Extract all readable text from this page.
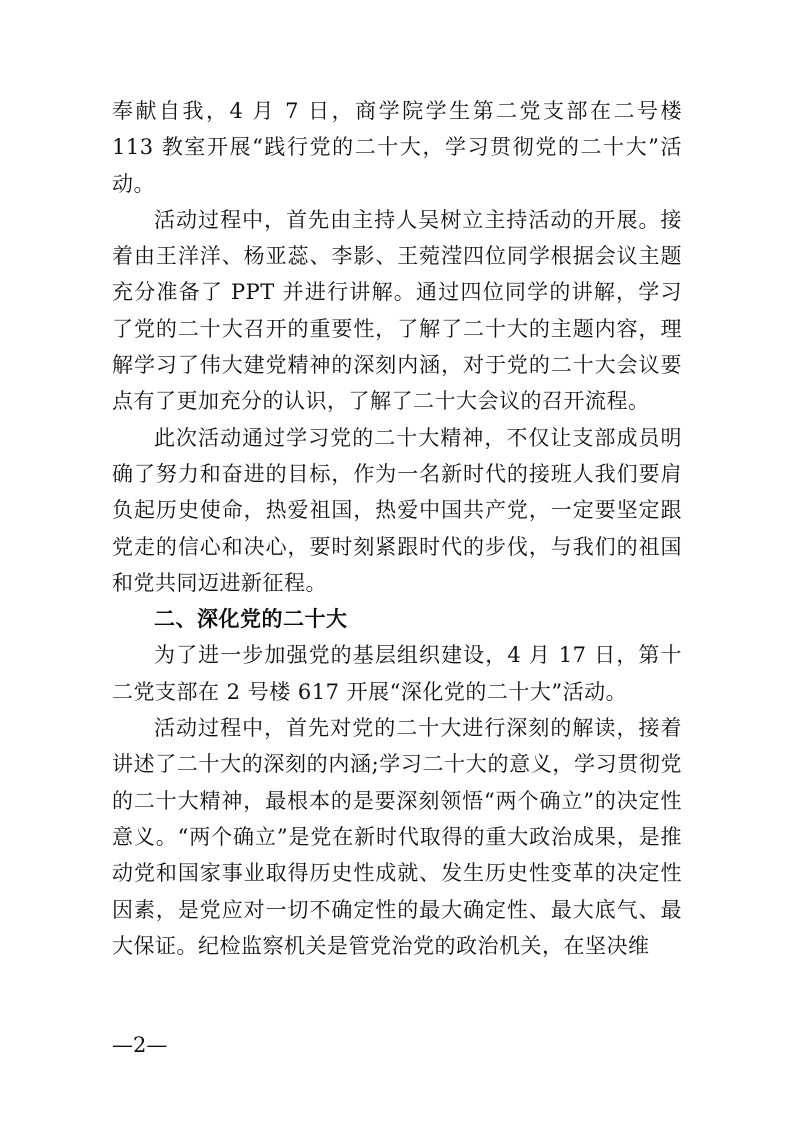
奉献自我，4 月 7 日，商学院学生第二党支部在二号楼 113 教室开展“践行党的二十大，学习贯彻党的二十大”活动。

活动过程中，首先由主持人吴树立主持活动的开展。接着由王洋洋、杨亚蕊、李影、王菀滢四位同学根据会议主题充分准备了 PPT 并进行讲解。通过四位同学的讲解，学习了党的二十大召开的重要性，了解了二十大的主题内容，理解学习了伟大建党精神的深刻内涵，对于党的二十大会议要点有了更加充分的认识，了解了二十大会议的召开流程。

此次活动通过学习党的二十大精神，不仅让支部成员明确了努力和奋进的目标，作为一名新时代的接班人我们要肩负起历史使命，热爱祖国，热爱中国共产党，一定要坚定跟党走的信心和决心，要时刻紧跟时代的步伐，与我们的祖国和党共同迈进新征程。

二、深化党的二十大

为了进一步加强党的基层组织建设，4 月 17 日，第十二党支部在 2 号楼 617 开展“深化党的二十大”活动。

活动过程中，首先对党的二十大进行深刻的解读，接着讲述了二十大的深刻的内涵;学习二十大的意义，学习贯彻党的二十大精神，最根本的是要深刻领悟“两个确立”的决定性意义。“两个确立”是党在新时代取得的重大政治成果，是推动党和国家事业取得历史性成就、发生历史性变革的决定性因素，是党应对一切不确定性的最大确定性、最大底气、最大保证。纪检监察机关是管党治党的政治机关，在坚决维

—2—
